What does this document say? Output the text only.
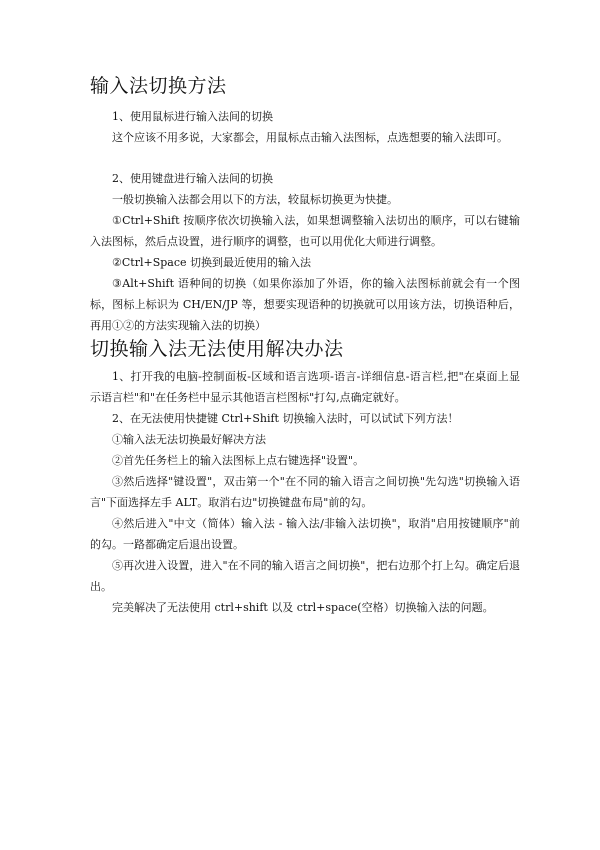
输入法切换方法

1、使用鼠标进行输入法间的切换

这个应该不用多说，大家都会，用鼠标点击输入法图标，点选想要的输入法即可。

2、使用键盘进行输入法间的切换

一般切换输入法都会用以下的方法，较鼠标切换更为快捷。

①Ctrl+Shift 按顺序依次切换输入法，如果想调整输入法切出的顺序，可以右键输入法图标，然后点设置，进行顺序的调整，也可以用优化大师进行调整。

②Ctrl+Space 切换到最近使用的输入法

③Alt+Shift 语种间的切换（如果你添加了外语，你的输入法图标前就会有一个图标，图标上标识为 CH/EN/JP 等，想要实现语种的切换就可以用该方法，切换语种后，再用①②的方法实现输入法的切换）

切换输入法无法使用解决办法

1、打开我的电脑-控制面板-区域和语言选项-语言-详细信息-语言栏,把"在桌面上显示语言栏"和"在任务栏中显示其他语言栏图标"打勾,点确定就好。

2、在无法使用快捷键 Ctrl+Shift 切换输入法时，可以试试下列方法！

①输入法无法切换最好解决方法

②首先任务栏上的输入法图标上点右键选择"设置"。

③然后选择"键设置"，双击第一个"在不同的输入语言之间切换"先勾选"切换输入语言"下面选择左手 ALT。取消右边"切换键盘布局"前的勾。

④然后进入"中文（简体）输入法 - 输入法/非输入法切换"，取消"启用按键顺序"前的勾。一路都确定后退出设置。

⑤再次进入设置，进入"在不同的输入语言之间切换"，把右边那个打上勾。确定后退出。

完美解决了无法使用 ctrl+shift 以及 ctrl+space(空格）切换输入法的问题。
